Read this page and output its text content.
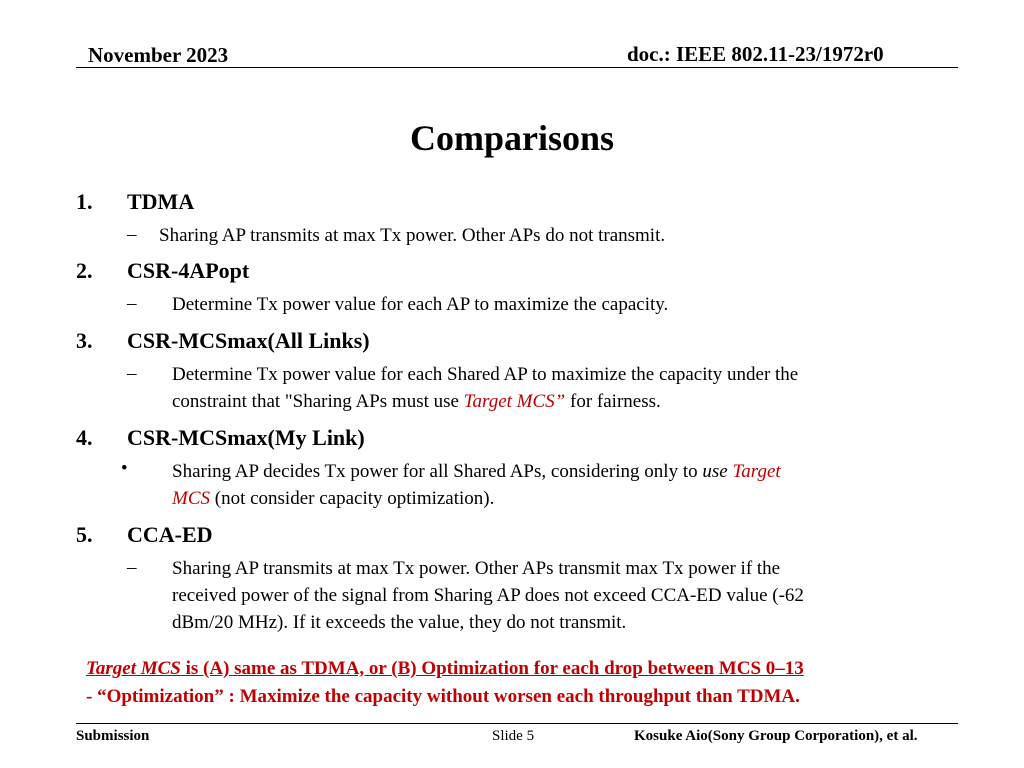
November 2023	doc.: IEEE 802.11-23/1972r0
Comparisons
1. TDMA
– Sharing AP transmits at max Tx power. Other APs do not transmit.
2. CSR-4APopt
– Determine Tx power value for each AP to maximize the capacity.
3. CSR-MCSmax(All Links)
– Determine Tx power value for each Shared AP to maximize the capacity under the
constraint that "Sharing APs must use Target MCS” for fairness.
4. CSR-MCSmax(My Link)
• Sharing AP decides Tx power for all Shared APs, considering only to use Target
MCS (not consider capacity optimization).
5. CCA-ED
– Sharing AP transmits at max Tx power. Other APs transmit max Tx power if the
received power of the signal from Sharing AP does not exceed CCA-ED value (-62
dBm/20 MHz). If it exceeds the value, they do not transmit.
Target MCS is (A) same as TDMA, or (B) Optimization for each drop between MCS 0–13
- “Optimization” : Maximize the capacity without worsen each throughput than TDMA.
Submission	Slide 5	Kosuke Aio(Sony Group Corporation), et al.
